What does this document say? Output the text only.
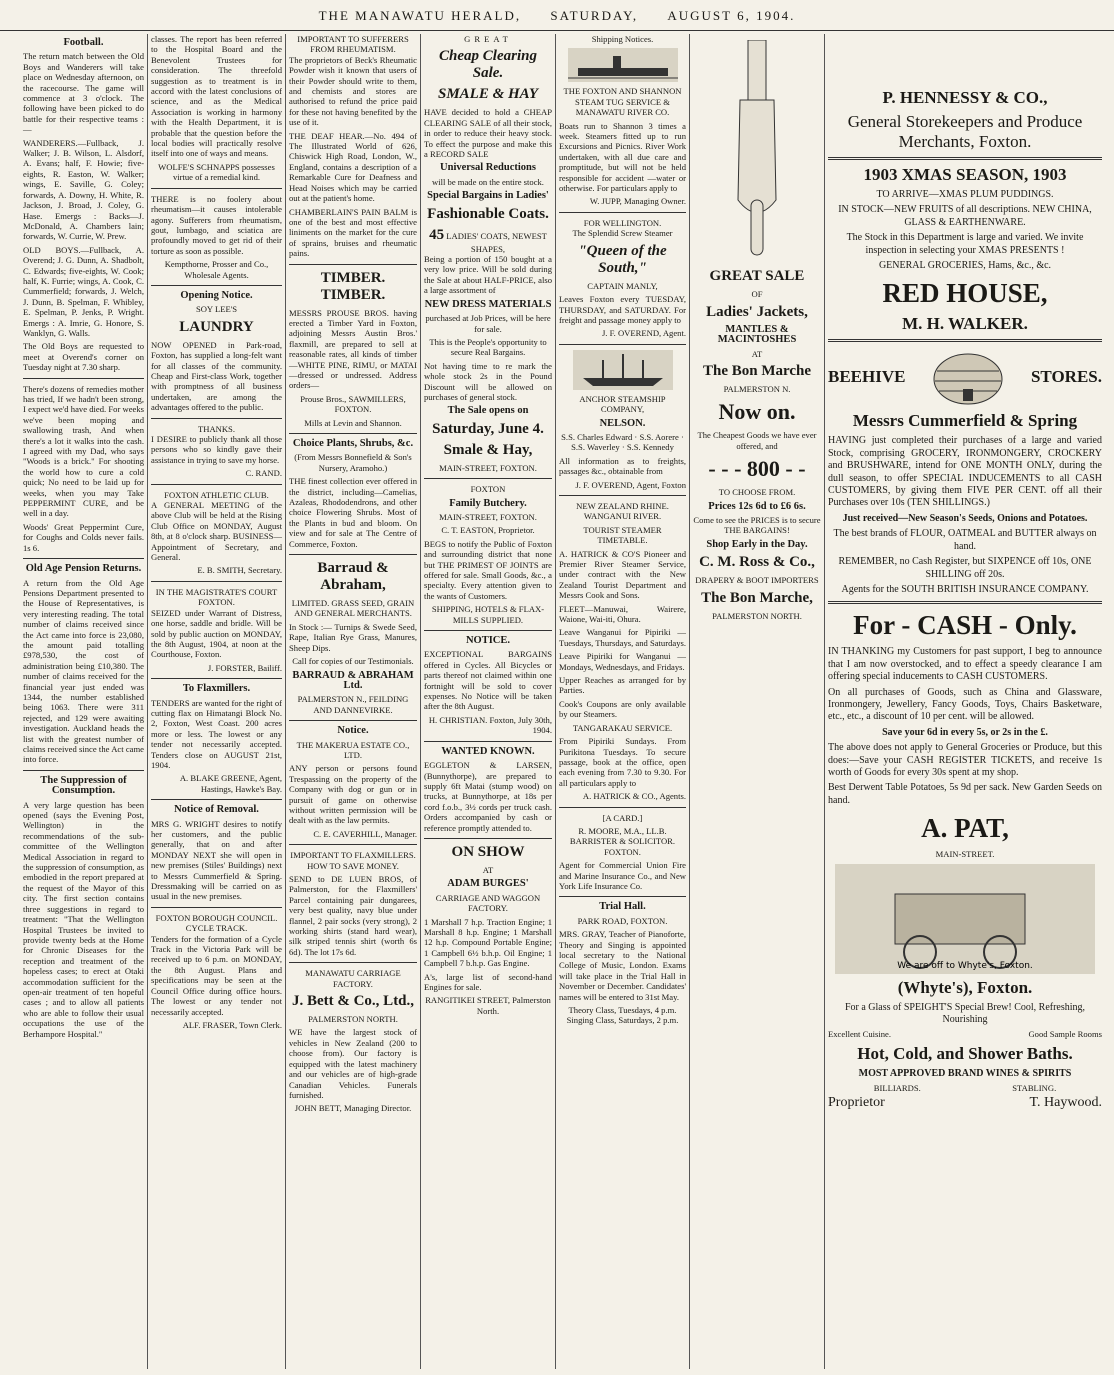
THE MANAWATU HERALD, SATURDAY, AUGUST 6, 1904.
Football.

The return match between the Old Boys and Wanderers will take place on Wednesday afternoon, on the racecourse. The game will commence at 3 o'clock. The following have been picked to do battle for their respective teams :—

WANDERERS.—Fullback, J. Walker; J. B. Wilson, L. Alsdorf, A. Evans; half, F. Howie; five-eights, R. Easton, W. Walker; wings, E. Saville, G. Coley; forwards, A. Downy, H. White, R. Jackson, J. Broad, J. Coley, G. Hase. Emergs : Backs—J. McDonald, A. Chambers lain; forwards, W. Currie, W. Prew.

OLD BOYS.—Fullback, A. Overend; J. G. Dunn, A. Shadbolt, C. Edwards; five-eights, W. Cook; half, K. Furrie; wings, A. Cook, C. Cummerfield; forwards, J. Welch, J. Dunn, B. Spelman, F. Whibley, E. Spelman, P. Jenks, P. Wright. Emergs : A. Imrie, G. Honore, S. Wanklyn, G. Walls.

The Old Boys are requested to meet at Overend's corner on Tuesday night at 7.30 sharp.

There's dozens of remedies mother has tried, If we hadn't been strong, I expect we'd have died. For weeks we've been moping and swallowing trash, And when there's a lot it walks into the cash. I agreed with my Dad, who says "Woods is a brick." For shooting the world how to cure a cold quick; No need to be laid up for weeks, when you may Take PEPPERMINT CURE, and be well in a day.

Woods' Great Peppermint Cure, for Coughs and Colds never fails. 1s 6.

Old Age Pension Returns.

A return from the Old Age Pensions Department presented to the House of Representatives, is very interesting reading. The total number of claims received since the Act came into force is 23,080, the amount paid totalling £978,530, the cost of administration being £10,380. The number of claims received for the financial year just ended was 1344, the number established being 1063. There were 311 rejected, and 129 were awaiting investigation. Auckland heads the list with the greatest number of claims received since the Act came into force.

The Suppression of Consumption.

A very large question has been opened (says the Evening Post, Wellington) in the recommendations of the sub-committee of the Wellington Medical Association in regard to the suppression of consumption, as embodied in the report prepared at the request of the Mayor of this city. The first section contains three suggestions in regard to treatment: "That the Wellington Hospital Trustees be invited to provide twenty beds at the Home for Chronic Diseases for the reception and treatment of the hopeless cases; to erect at Otaki accommodation sufficient for the open-air treatment of ten hopeful cases ; and to allow all patients who are able to follow their usual occupations the use of the Berhampore Hospital."

classes. The report has been referred to the Hospital Board and the Benevolent Trustees for consideration. The threefold suggestion as to treatment is in accord with the latest conclusions of science, and as the Medical Association is working in harmony with the Health Department, it is probable that the question before the local bodies will practically resolve itself into one of ways and means.

WOLFE'S SCHNAPPS possesses virtue of a remedial kind.

THERE is no foolery about rheumatism—it causes intolerable agony. Sufferers from rheumatism, gout, lumbago, and sciatica are profoundly moved to get rid of their torture as soon as possible.

Kempthorne, Prosser and Co., Wholesale Agents.

Opening Notice.
SOY LEE'S
LAUNDRY

NOW OPENED in Park-road, Foxton, has supplied a long-felt want for all classes of the community. Cheap and First-class Work, together with promptness of all business undertaken, are among the advantages offered to the public.

THANKS.

I DESIRE to publicly thank all those persons who so kindly gave their assistance in trying to save my horse.

C. RAND.

FOXTON ATHLETIC CLUB.

A GENERAL MEETING of the above Club will be held at the Rising Club Office on MONDAY, August 8th, at 8 o'clock sharp. BUSINESS—Appointment of Secretary, and General.

E. B. SMITH, Secretary.

IN THE MAGISTRATE'S COURT FOXTON.

SEIZED under Warrant of Distress, one horse, saddle and bridle. Will be sold by public auction on MONDAY, the 8th August, 1904, at noon at the Courthouse, Foxton.

J. FORSTER, Bailiff.

To Flaxmillers.

TENDERS are wanted for the right of cutting flax on Himatangi Block No. 2, Foxton, West Coast. 200 acres more or less. The lowest or any tender not necessarily accepted. Tenders close on AUGUST 21st, 1904.

A. BLAKE GREENE, Agent, Hastings, Hawke's Bay.

Notice of Removal.

MRS G. WRIGHT desires to notify her customers, and the public generally, that on and after MONDAY NEXT she will open in new premises (Stiles' Buildings) next to Messrs Cummerfield & Spring. Dressmaking will be carried on as usual in the new premises.

FOXTON BOROUGH COUNCIL. CYCLE TRACK.

Tenders for the formation of a Cycle Track in the Victoria Park will be received up to 6 p.m. on MONDAY, the 8th August. Plans and specifications may be seen at the Council Office during office hours. The lowest or any tender not necessarily accepted.

ALF. FRASER, Town Clerk.

IMPORTANT TO SUFFERERS FROM RHEUMATISM.

The proprietors of Beck's Rheumatic Powder wish it known that users of their Powder should write to them, and chemists and stores are authorised to refund the price paid for these not having benefited by the use of it.

THE DEAF HEAR.—No. 494 of The Illustrated World of 626, Chiswick High Road, London, W., England, contains a description of a Remarkable Cure for Deafness and Head Noises which may be carried out at the patient's home.

CHAMBERLAIN'S PAIN BALM is one of the best and most effective liniments on the market for the cure of sprains, bruises and rheumatic pains.

TIMBER. TIMBER.

MESSRS PROUSE BROS. having erected a Timber Yard in Foxton, adjoining Messrs Austin Bros.' flaxmill, are prepared to sell at reasonable rates, all kinds of timber—WHITE PINE, RIMU, or MATAI—dressed or undressed. Address orders—

Prouse Bros., SAWMILLERS, FOXTON.

Mills at Levin and Shannon.

Choice Plants, Shrubs, &c.

(From Messrs Bonnefield & Son's Nursery, Aramoho.)

THE finest collection ever offered in the district, including—Camelias, Azaleas, Rhododendrons, and other choice Flowering Shrubs. Most of the Plants in bud and bloom. On view and for sale at The Centre of Commerce, Foxton.

Barraud & Abraham,

LIMITED. GRASS SEED, GRAIN AND GENERAL MERCHANTS.

In Stock :— Turnips & Swede Seed, Rape, Italian Rye Grass, Manures, Sheep Dips.

Call for copies of our Testimonials.

BARRAUD & ABRAHAM Ltd.

PALMERSTON N., FEILDING AND DANNEVIRKE.

Notice.

THE MAKERUA ESTATE CO., LTD.

ANY person or persons found Trespassing on the property of the Company with dog or gun or in pursuit of game on otherwise without written permission will be dealt with as the law permits.

C. E. CAVERHILL, Manager.

IMPORTANT TO FLAXMILLERS.

HOW TO SAVE MONEY.

SEND to DE LUEN BROS, of Palmerston, for the Flaxmillers' Parcel containing pair dungarees, very best quality, navy blue under flannel, 2 pair socks (very strong), 2 working shirts (stand hard wear), silk striped tennis shirt (worth 6s 6d). The lot 17s 6d.

MANAWATU CARRIAGE FACTORY.
J. Bett & Co., Ltd.,

PALMERSTON NORTH.

WE have the largest stock of vehicles in New Zealand (200 to choose from). Our factory is equipped with the latest machinery and our vehicles are of high-grade Canadian Vehicles. Funerals furnished.

JOHN BETT, Managing Director.

GREAT
Cheap Clearing Sale.
SMALE & HAY

HAVE decided to hold a CHEAP CLEARING SALE of all their stock, in order to reduce their heavy stock. To effect the purpose and make this a RECORD SALE

Universal Reductions

will be made on the entire stock.

Special Bargains in Ladies'
Fashionable Coats.
45 LADIES' COATS, NEWEST SHAPES,

Being a portion of 150 bought at a very low price. Will be sold during the Sale at about HALF-PRICE, also a large assortment of

NEW DRESS MATERIALS

purchased at Job Prices, will be here for sale.

This is the People's opportunity to secure Real Bargains.

Not having time to re mark the whole stock 2s in the Pound Discount will be allowed on purchases of general stock.

The Sale opens on
Saturday, June 4.
Smale & Hay,

MAIN-STREET, FOXTON.

FOXTON
Family Butchery.

MAIN-STREET, FOXTON.

C. T. EASTON, Proprietor.

BEGS to notify the Public of Foxton and surrounding district that none but THE PRIMEST OF JOINTS are offered for sale. Small Goods, &c., a specialty. Every attention given to the wants of Customers.

SHIPPING, HOTELS & FLAX-MILLS SUPPLIED.

NOTICE.

EXCEPTIONAL BARGAINS offered in Cycles. All Bicycles or parts thereof not claimed within one fortnight will be sold to cover expenses. No Notice will be taken after the 8th August.

H. CHRISTIAN. Foxton, July 30th, 1904.

WANTED KNOWN.

EGGLETON & LARSEN, (Bunnythorpe), are prepared to supply 6ft Matai (stump wood) on trucks, at Bunnythorpe, at 18s per cord f.o.b., 3½ cords per truck cash. Orders accompanied by cash or reference promptly attended to.

ON SHOW
AT
ADAM BURGES'

CARRIAGE AND WAGGON FACTORY.

1 Marshall 7 h.p. Traction Engine; 1 Marshall 8 h.p. Engine; 1 Marshall 12 h.p. Compound Portable Engine; 1 Campbell 6½ b.h.p. Oil Engine; 1 Campbell 7 b.h.p. Gas Engine.

A's, large list of second-hand Engines for sale.

RANGITIKEI STREET, Palmerston North.

Shipping Notices.

THE FOXTON AND SHANNON STEAM TUG SERVICE & MANAWATU RIVER CO.

Boats run to Shannon 3 times a week. Steamers fitted up to run Excursions and Picnics. River Work undertaken, with all due care and promptitude, but will not be held responsible for accident —water or otherwise. For particulars apply to

W. JUPP, Managing Owner.

FOR WELLINGTON.

The Splendid Screw Steamer

"Queen of the South,"

CAPTAIN MANLY,

Leaves Foxton every TUESDAY, THURSDAY, and SATURDAY. For freight and passage money apply to

J. F. OVEREND, Agent.

ANCHOR STEAMSHIP COMPANY,

NELSON.

S.S. Charles Edward · S.S. Aorere · S.S. Waverley · S.S. Kennedy

All information as to freights, passages &c., obtainable from

J. F. OVEREND, Agent, Foxton

NEW ZEALAND RHINE. WANGANUI RIVER.

TOURIST STEAMER TIMETABLE.

A. HATRICK & CO'S Pioneer and Premier River Steamer Service, under contract with the New Zealand Tourist Department and Messrs Cook and Sons.

FLEET—Manuwai, Wairere, Waione, Wai-iti, Ohura.

Leave Wanganui for Pipiriki — Tuesdays, Thursdays, and Saturdays.

Leave Pipiriki for Wanganui — Mondays, Wednesdays, and Fridays.

Upper Reaches as arranged for by Parties.

Cook's Coupons are only available by our Steamers.

TANGARAKAU SERVICE.

From Pipiriki Sundays. From Purikitona Tuesdays. To secure passage, book at the office, open each evening from 7.30 to 9.30. For all particulars apply to

A. HATRICK & CO., Agents.

[A CARD.]

R. MOORE, M.A., LL.B. BARRISTER & SOLICITOR. FOXTON.

Agent for Commercial Union Fire and Marine Insurance Co., and New York Life Insurance Co.

Trial Hall.

PARK ROAD, FOXTON.

MRS. GRAY, Teacher of Pianoforte, Theory and Singing is appointed local secretary to the National College of Music, London. Exams will take place in the Trial Hall in November or December. Candidates' names will be entered to 31st May.

Theory Class, Tuesdays, 4 p.m. Singing Class, Saturdays, 2 p.m.

GREAT SALE
OF
Ladies' Jackets,
MANTLES & MACINTOSHES
AT
The Bon Marche
PALMERSTON N.
Now on.

The Cheapest Goods we have ever offered, and

- - - 800 - -
TO CHOOSE FROM.
Prices 12s 6d to £6 6s.

Come to see the PRICES is to secure THE BARGAINS!

Shop Early in the Day.
C. M. Ross & Co.,
DRAPERY & BOOT IMPORTERS
The Bon Marche,
PALMERSTON NORTH.
P. HENNESSY & CO.,
General Storekeepers and Produce Merchants, Foxton.
1903 XMAS SEASON, 1903

TO ARRIVE—XMAS PLUM PUDDINGS.

IN STOCK—NEW FRUITS of all descriptions. NEW CHINA, GLASS & EARTHENWARE.

The Stock in this Department is large and varied. We invite inspection in selecting your XMAS PRESENTS !

GENERAL GROCERIES, Hams, &c., &c.

RED HOUSE,
M. H. WALKER.
BEEHIVE	STORES.
Messrs Cummerfield & Spring

HAVING just completed their purchases of a large and varied Stock, comprising GROCERY, IRONMONGERY, CROCKERY and BRUSHWARE, intend for ONE MONTH ONLY, during the dull season, to offer SPECIAL INDUCEMENTS to all CASH CUSTOMERS, by giving them FIVE PER CENT. off all their Purchases over 10s (TEN SHILLINGS.)

Just received—New Season's Seeds, Onions and Potatoes.

The best brands of FLOUR, OATMEAL and BUTTER always on hand.

REMEMBER, no Cash Register, but SIXPENCE off 10s, ONE SHILLING off 20s.

Agents for the SOUTH BRITISH INSURANCE COMPANY.

For - CASH - Only.

IN THANKING my Customers for past support, I beg to announce that I am now overstocked, and to effect a speedy clearance I am offering special inducements to CASH CUSTOMERS.

On all purchases of Goods, such as China and Glassware, Ironmongery, Jewellery, Fancy Goods, Toys, Chairs Basketware, etc., etc., a discount of 10 per cent. will be allowed.

Save your 6d in every 5s, or 2s in the £.

The above does not apply to General Groceries or Produce, but this does:—Save your CASH REGISTER TICKETS, and receive 1s worth of Goods for every 30s spent at my shop.

Best Derwent Table Potatoes, 5s 9d per sack. New Garden Seeds on hand.

A. PAT,
MAIN-STREET.
We are off to Whyte's, Foxton.
(Whyte's), Foxton.

For a Glass of SPEIGHT'S Special Brew! Cool, Refreshing, Nourishing

Excellent Cuisine.	Good Sample Rooms
Hot, Cold, and Shower Baths.

MOST APPROVED BRAND WINES & SPIRITS

BILLIARDS.	STABLING.
Proprietor	T. Haywood.
